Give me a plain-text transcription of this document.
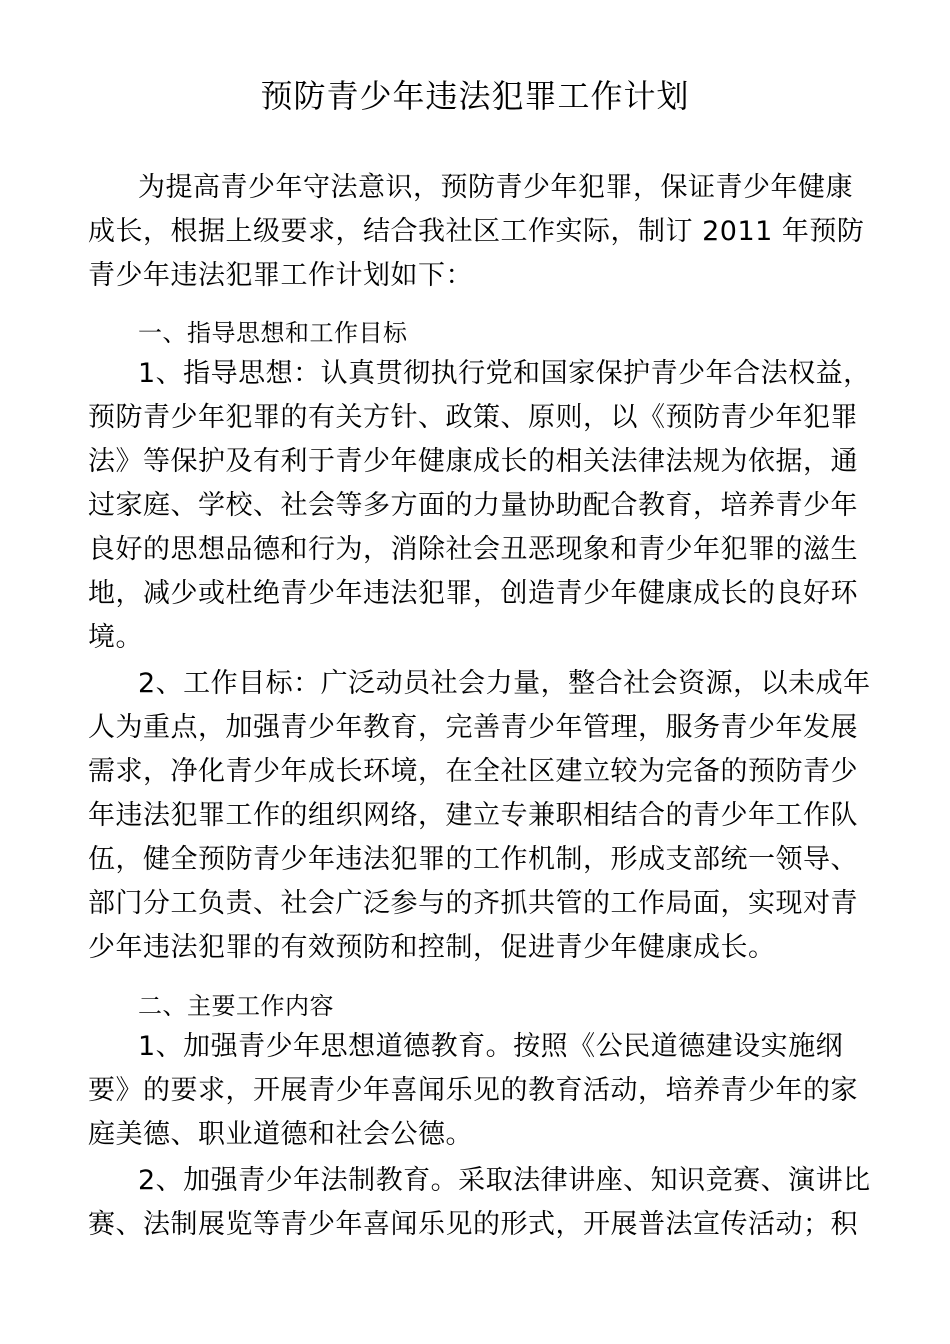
预防青少年违法犯罪工作计划

为提高青少年守法意识，预防青少年犯罪，保证青少年健康

成长，根据上级要求，结合我社区工作实际，制订 2011 年预防

青少年违法犯罪工作计划如下：

一、指导思想和工作目标

1、指导思想：认真贯彻执行党和国家保护青少年合法权益，

预防青少年犯罪的有关方针、政策、原则，以《预防青少年犯罪

法》等保护及有利于青少年健康成长的相关法律法规为依据，通

过家庭、学校、社会等多方面的力量协助配合教育，培养青少年

良好的思想品德和行为，消除社会丑恶现象和青少年犯罪的滋生

地，减少或杜绝青少年违法犯罪，创造青少年健康成长的良好环

境。

2、工作目标：广泛动员社会力量，整合社会资源，以未成年

人为重点，加强青少年教育，完善青少年管理，服务青少年发展

需求，净化青少年成长环境，在全社区建立较为完备的预防青少

年违法犯罪工作的组织网络，建立专兼职相结合的青少年工作队

伍，健全预防青少年违法犯罪的工作机制，形成支部统一领导、

部门分工负责、社会广泛参与的齐抓共管的工作局面，实现对青

少年违法犯罪的有效预防和控制，促进青少年健康成长。

二、主要工作内容

1、加强青少年思想道德教育。按照《公民道德建设实施纲

要》的要求，开展青少年喜闻乐见的教育活动，培养青少年的家

庭美德、职业道德和社会公德。

2、加强青少年法制教育。采取法律讲座、知识竞赛、演讲比

赛、法制展览等青少年喜闻乐见的形式，开展普法宣传活动；积
